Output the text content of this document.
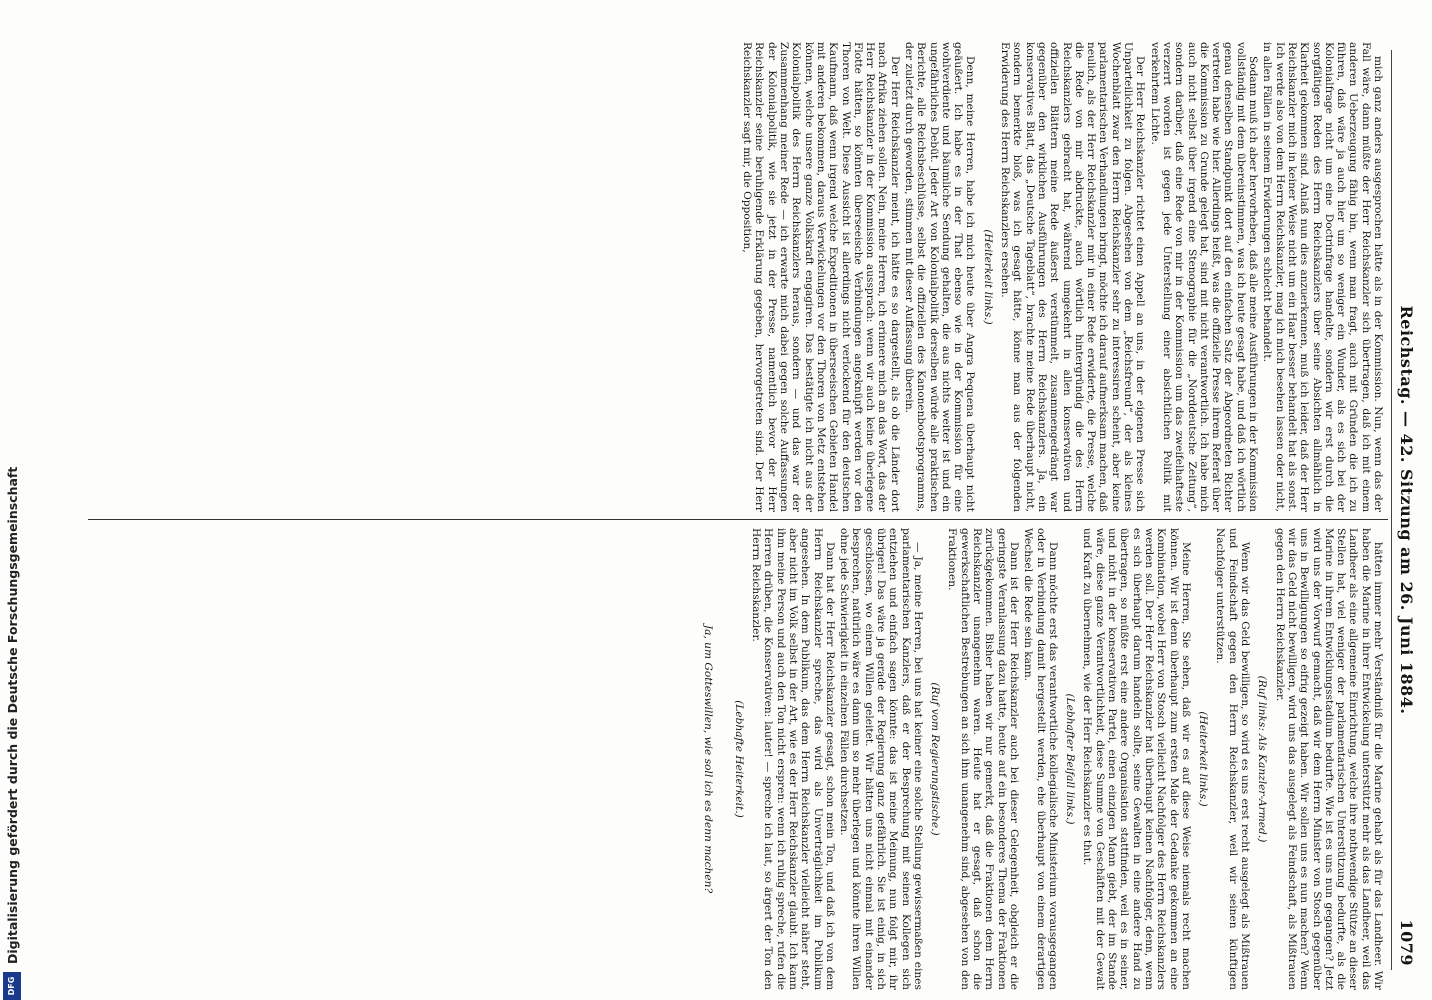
Reichstag. — 42. Sitzung am 26. Juni 1884.
1079

mich ganz anders ausgesprochen hätte als in der Kommission. Nun, wenn das der Fall wäre, dann müßte der Herr Reichskanzler sich übertragen, daß ich mit einem anderen Ueberzeugung fähig bin, wenn man fragt, auch mit Gründen die ich zu führen, daß wäre ja auch hier um so weniger ein Wunder, als es sich bei der Kolonialfrage nicht um eine Doctrinfrage handelte, sondern wir erst durch die sorgfältigen Reden des Herrn Reichskanzlers über seine Absichten allmählich in Klarheit gekommen sind. Anlaß nun dies anzuerkennen, muß ich leider, daß der Herr Reichskanzler mich in keiner Weise nicht um ein Haar besser behandelt hat als sonst. Ich werde also von dem Herrn Reichskanzler, mag ich mich besehen lassen oder nicht, in allen Fällen in seinem Erwiderungen schlecht behandelt.

Sodann muß ich aber hervorheben, daß alle meine Ausführungen in der Kommission vollständig mit dem übereinstimmen, was ich heute gesagt habe, und daß ich wörtlich genau denselben Standpunkt dort auf den einfachen Satz der Abgeordneten Richter vertreten habe wie hier. Allerdings heißt, was die offizielle Presse ihrem Referat über die Kommission zu Grunde gelegt hat, sind mit nicht verantwortlich. Ich habe mich auch nicht selbst über irgend eine Stenographie für die „Norddeutsche Zeitung“, sondern darüber, daß eine Rede von mir in der Kommission um das zweifelhafteste verzerrt worden ist gegen jede Unterstellung einer absichtlichen Politik mit verkehrtem Lichte.

Der Herr Reichskanzler richtet einen Appell an uns, in der eigenen Presse sich Unparteilichkeit zu folgen. Abgesehen von dem „Reichsfreund“, der als kleines Wochenblatt zwar den Herrn Reichskanzler sehr zu interessiren scheint, aber keine parlamentarischen Verhandlungen bringt, möchte ich darauf aufmerksam machen, daß neulich, als der Herr Reichskanzler mir in einer Rede erwiderte, die Presse, welche die Rede von mir abdruckte, auch wörtlich hintergründig die des Herrn Reichskanzlers gebracht hat, während umgekehrt in allen konservativen und offiziellen Blättern meine Rede äußerst verstümmelt, zusammengedrängt war gegenüber den wirklichen Ausführungen des Herrn Reichskanzlers. Ja, ein konservatives Blatt, das „Deutsche Tageblatt“, brachte meine Rede überhaupt nicht, sondern bemerkte bloß, was ich gesagt hätte, könne man aus der folgenden Erwiderung des Herrn Reichskanzlers ersehen.

(Heiterkeit links.)

Denn, meine Herren, habe ich mich heute über Angra Pequena überhaupt nicht geäußert. Ich habe es in der That ebenso wie in der Kommission für eine wohlverdiente und bäumliche Sendung gehalten, die aus nichts weiter ist und ein ungefährliches Debüt. Jeder Art von Kolonialpolitik derselben würde alle praktischen Berichte, alle Reichsbeschlüsse, selbst die offiziellen des Kanonenbootsprogramms, der zuletzt durch geworden, stimmen mit dieser Auffassung überein.

Der Herr Reichskanzler meint, ich hätte es so dargestellt, als ob die Länder dort nach Afrika ziehen sollen. Nein, meine Herren, ich erinnere mich an das Wort, das der Herr Reichskanzler in der Kommission aussprach: wenn wir auch keine überlegene Flotte hätten, so könnten überseeische Verbindungen angeknüpft werden vor den Thoren von Welt. Diese Aussicht ist allerdings nicht verlockend für den deutschen Kaufmann, daß wenn irgend welche Expeditionen in überseeischen Gebieten Handel mit anderen bekommen, daraus Verwickelungen vor den Thoren von Metz entstehen können, welche unsere ganze Volkskraft engagiren. Das bestätigte ich nicht aus der Kolonialpolitik des Herrn Reichskanzlers heraus, sondern — und das war der Zusammenhang meiner Rede — ich erwarte mich dabei gegen solche Auffassungen der Kolonialpolitik, wie sie jetzt in der Presse, namentlich bevor der Herr Reichskanzler seine beruhigende Erklärung gegeben, hervorgetreten sind. Der Herr Reichskanzler sagt mir, die Opposition,

hätten immer mehr Verständniß für die Marine gehabt als für das Landheer. Wir haben die Marine in ihrer Entwickelung unterstützt mehr als das Landheer, weil das Landheer als eine allgemeine Einrichtung, welche ihre nothwendige Stütze an dieser Stellen hat, viel weniger der parlamentarischen Unterstützung bedurfte, als die Marine in ihrem Entwicklungsstadium bedurfte. Wie ist es uns nun gegangen? Jetzt wird uns der Vorwurf gemacht, daß wir dem Herrn Minister von Stosch gegenüber uns in Bewilligungen so eifrig gezeigt haben. Wir sollen uns es nun machen? Wenn wir das Geld nicht bewilligen, wird uns das ausgelegt als Feindschaft, als Mißtrauen gegen den Herrn Reichskanzler.

(Ruf links: Als Kanzler-Armed.)

Wenn wir das Geld bewilligen, so wird es uns erst recht ausgelegt als Mißtrauen und Feindschaft gegen den Herrn Reichskanzler, weil wir seinen künftigen Nachfolger unterstützen.

(Heiterkeit links.)

Meine Herren, Sie sehen, daß wir es auf diese Weise niemals recht machen können. Wir ist denn überhaupt zum ersten Male der Gedanke gekommen an eine Kombination, wobei Herr von Stosch vielleicht Nachfolger des Herrn Reichskanzlers werden soll. Der Herr Reichskanzler hat überhaupt keinen Nachfolger, denn, wenn es sich überhaupt darum handeln sollte, seine Gewalten in eine andere Hand zu übertragen, so müßte erst eine andere Organisation stattfinden, weil es in seiner, und nicht in der konservativen Partei, einen einzigen Mann giebt, der im Stande wäre, diese ganze Verantwortlichkeit, diese Summe von Geschäften mit der Gewalt und Kraft zu übernehmen, wie der Herr Reichskanzler es thut.

(Lebhafter Beifall links.)

Dann möchte erst das verantwortliche kollegialische Ministerium vorausgegangen oder in Verbindung damit hergestellt werden, ehe überhaupt von einem derartigen Wechsel die Rede sein kann.

Dann ist der Herr Reichskanzler auch bei dieser Gelegenheit, obgleich er die geringste Veranlassung dazu hatte, heute auf ein besonderes Thema der Fraktionen zurückgekommen. Bisher haben wir nur gemerkt, daß die Fraktionen dem Herrn Reichskanzler unangenehm waren. Heute hat er gesagt, daß schon die gewerkschaftlichen Bestrebungen an sich ihm unangenehm sind, abgesehen von den Fraktionen.

(Ruf vom Regierungstische.)

— Ja, meine Herren, bei uns hat keiner eine solche Stellung gewissermaßen eines parlamentarischen Kanzlers, daß er der Besprechung mit seinen Kollegen sich entziehen und einfach sagen könnte: das ist meine Meinung, nun folgt mir, ihr übrigen! Das wäre ja gerade der Regierung ganz gefährlich. Sie ist einig, in sich geschlossen, wo einem Willen geleitet. Wir hätten uns nicht einmal mit einander besprechen, natürlich wäre es dann um so mehr überlegen und könnte ihren Willen ohne jede Schwierigkeit in einzelnen Fällen durchsetzen.

Dann hat der Herr Reichskanzler gesagt, schon mein Ton, und daß ich von dem Herrn Reichskanzler spreche, das wird als Unverträglichkeit im Publikum angesehen. In dem Publikum, das dem Herrn Reichskanzler vielleicht näher steht, aber nicht im Volk selbst in der Art, wie es der Herr Reichskanzler glaubt. Ich kann ihm meine Person und auch den Ton nicht erspren: wenn ich ruhig spreche, rufen die Herren drüben, die Konservativen: lauter! — spreche ich laut, so ärgert der Ton den Herrn Reichskanzler.

(Lebhafte Heiterkeit.)

Ja, um Gotteswillen, wie soll ich es denn machen?

DFG
Digitalisierung gefördert durch die Deutsche Forschungsgemeinschaft
